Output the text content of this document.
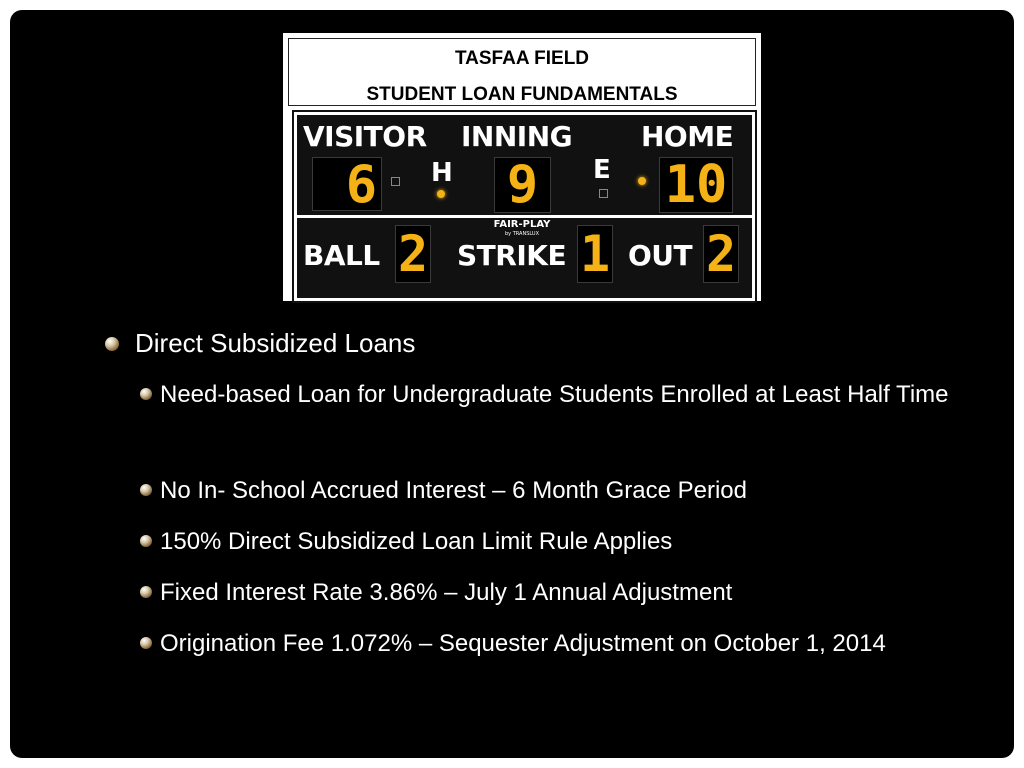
TASFAA FIELD
STUDENT LOAN FUNDAMENTALS
VISITOR INNING HOME
6 H 9	E 10
FAIR-PLAY
by TRANSLUX
BALL 2 STRIKE 1 OUT 2
Direct Subsidized Loans
Need-based Loan for Undergraduate Students Enrolled at Least Half Time
No In- School Accrued Interest – 6 Month Grace Period
150% Direct Subsidized Loan Limit Rule Applies
Fixed Interest Rate 3.86% – July 1 Annual Adjustment
Origination Fee 1.072% – Sequester Adjustment on October 1, 2014
